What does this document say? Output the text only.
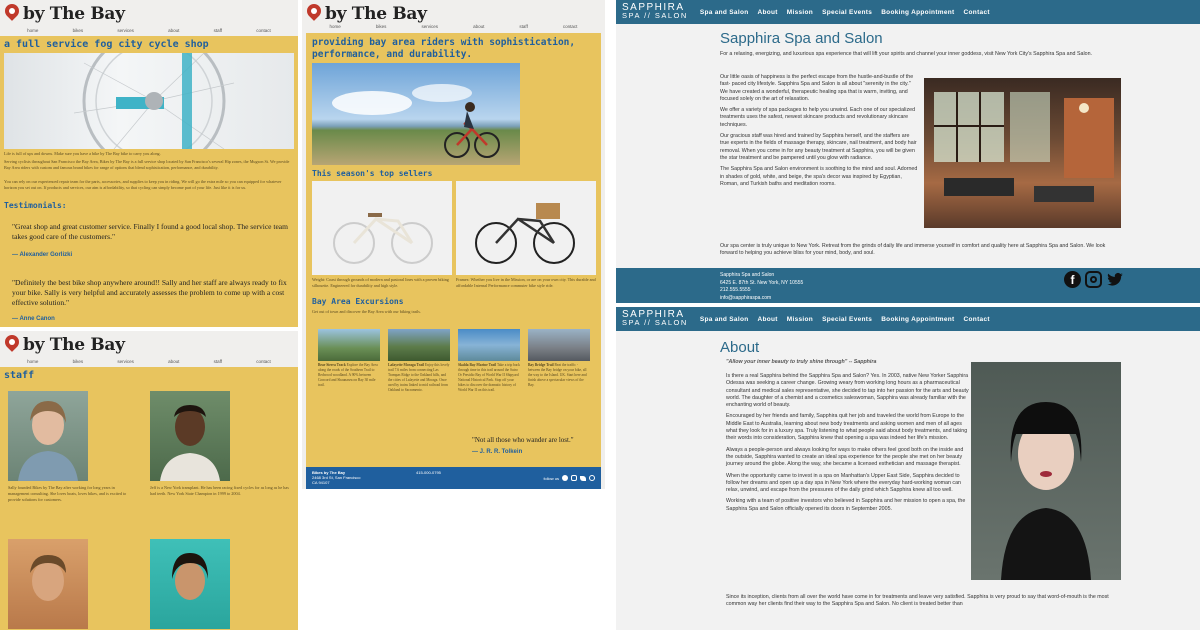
by The Bay
home	bikes	services	about	staff	contact
a full service fog city cycle shop

Life is full of ups and downs. Make sure you have a bike by The Bay bike to carry you along.

Serving cyclists throughout San Francisco the Bay Area, Bikes by The Bay is a full service shop located by San Francisco's several Hip zones, the Mugson St. We provide Bay Area riders with custom and famous brand bikes for range of options that blend sophistication, performance, and durability.

You can rely on our experienced repair team for the parts, accessories, and supplies to keep you in riding. We will go the extra mile so you can equipped for whatever horizon you set out on. If products and services, our aim is affordability, so that cycling can simply become part of your life. Just like it is for us.

Testimonials:

"Great shop and great customer service. Finally I found a good local shop. The service team takes good care of the customers."

— Alexander Gorlizki

"Definitely the best bike shop anywhere around!! Sally and her staff are always ready to fix your bike. Sally is very helpful and accurately assesses the problem to come up with a cost effective solution."

— Anne Canon

by The Bay
home	bikes	services	about	staff	contact
staff

Sally founded Bikes by The Bay after working for long years in management consulting. She loves boats, loves bikes, and is excited to provide solutions for customers.

Jeff is a New York transplant. He has been racing fixed cycles for as long as he has had teeth. New York State Champion in 1999 to 2004.

by The Bay
home	bikes	services	about	staff	contact
providing bay area riders with sophistication, performance, and durability.
This season's top sellers

Weight: Coast through grounds of modern and pastoral lines with a proven biking silhouette. Engineered for durability and high style.

Frames: Whether you live in the Mission, or are on your own city. This durable and affordable Internal Performance commuter bike style ride.

Bay Area Excursions

Get out of town and discover the Bay Area with our biking trails.

Bear Sierra Track Explore the Bay Area along the roads of the Southern Trail to Redwood woodland. A 90% between Concord and Shaunasea on Bay 30 mile trail.

Lafayette Moraga Trail Enjoy this lovely trail 7.6 miles from connecting Las Trampas Ridge to the Oakland hills, and the cities of Lafayette and Moraga. Once used by trains linked to mid railroad from Oakland to Sacramento.

Skalda Bay Marine Trail Take a trip back through time in this trail around the Sutro Or Presidio Bay of World War II Shipyard National Historical Park. Stop off your bikes to discover the dramatic history of World War II on this trail.

Bay Bridge Trail Beat the traffic - between the Bay bridge on your bike, all the way to the Island. UK. Start here and finish above a spectacular views of the Bay.

"Not all those who wander are lost."

— J. R. R. Tolkein

Bikes by The Bay
2468 3rd St, San Francisco
CA 94107
415-000-0795
follow us
SAPPHIRA
SPA // SALON Spa and Salon About Mission Special Events Booking Appointment Contact
Sapphira Spa and Salon

For a relaxing, energizing, and luxurious spa experience that will lift your spirits and channel your inner goddess, visit New York City's Sapphira Spa and Salon.

Our little oasis of happiness is the perfect escape from the hustle-and-bustle of the fast- paced city lifestyle. Sapphira Spa and Salon is all about "serenity in the city." We have created a wonderful, therapeutic healing spa that is warm, inviting, and focused solely on the art of relaxation.

We offer a variety of spa packages to help you unwind. Each one of our specialized treatments uses the safest, newest skincare products and revolutionary skincare techniques.

Our gracious staff was hired and trained by Sapphira herself, and the staffers are true experts in the fields of massage therapy, skincare, nail treatment, and body hair removal. When you come in for any beauty treatment at Sapphira, you will be given the star treatment and be pampered until you glow with radiance.

The Sapphira Spa and Salon environment is soothing to the mind and soul. Adorned in shades of gold, white, and beige, the spa's decor was inspired by Egyptian, Roman, and Turkish baths and meditation rooms.

Our spa center is truly unique to New York. Retreat from the grinds of daily life and immerse yourself in comfort and quality here at Sapphira Spa and Salon. We look forward to helping you achieve bliss for your mind, body, and soul.

Sapphira Spa and Salon
6425 E. 87th St. New York, NY 10555
212.555.5555
info@sapphiraspa.com
f
SAPPHIRA
SPA // SALON Spa and Salon About Mission Special Events Booking Appointment Contact
About

"Allow your inner beauty to truly shine through" -- Sapphira

Is there a real Sapphira behind the Sapphira Spa and Salon? Yes. In 2003, native New Yorker Sapphira Odessa was seeking a career change. Growing weary from working long hours as a pharmaceutical consultant and medical sales representative, she decided to tap into her passion for the arts and beauty world. The daughter of a chemist and a cosmetics saleswoman, Sapphira was already familiar with the enchanting world of beauty.

Encouraged by her friends and family, Sapphira quit her job and traveled the world from Europe to the Middle East to Australia, learning about new body treatments and asking women and men of all ages what they look for in a luxury spa. Truly listening to what people said about body treatments, and taking their words into consideration, Sapphira knew that opening a spa was indeed her life's mission.

Always a people-person and always looking for ways to make others feel good both on the inside and the outside, Sapphira wanted to create an ideal spa experience for the people she met on her beauty journey around the globe. Along the way, she became a licensed esthetician and massage therapist.

When the opportunity came to invest in a spa on Manhattan's Upper East Side, Sapphira decided to follow her dreams and open up a day spa in New York where the everyday hard-working woman can relax, unwind, and escape from the pressures of the daily grind which Sapphira knew all too well.

Working with a team of positive investors who believed in Sapphira and her mission to open a spa, the Sapphira Spa and Salon officially opened its doors in September 2005.

Since its inception, clients from all over the world have come in for treatments and leave very satisfied. Sapphira is very proud to say that word-of-mouth is the most common way her clients find their way to the Sapphira Spa and Salon. No client is treated better than
